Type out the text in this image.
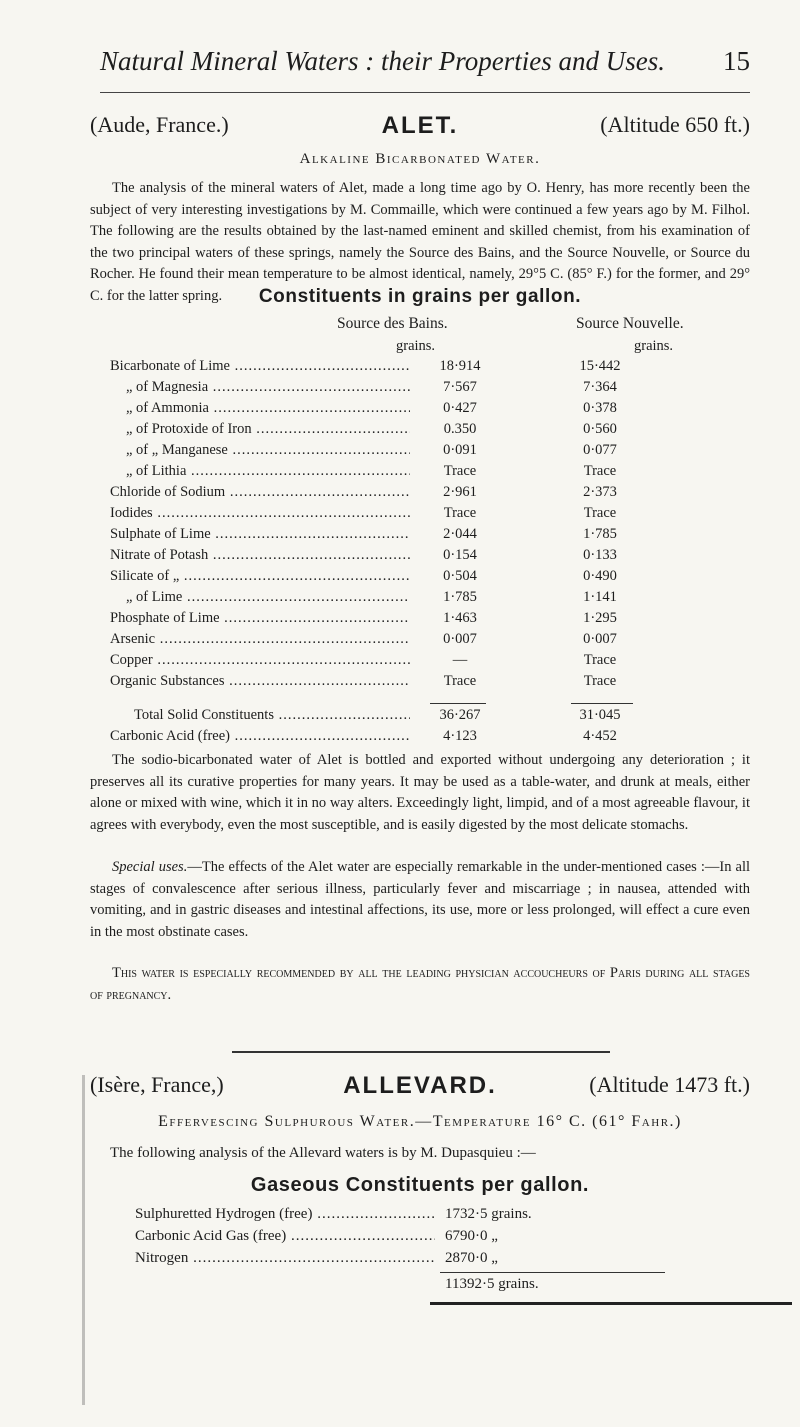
Natural Mineral Waters : their Properties and Uses. 15
(Aude, France.)	ALET.	(Altitude 650 ft.)
Alkaline Bicarbonated Water.

The analysis of the mineral waters of Alet, made a long time ago by O. Henry, has more recently been the subject of very interesting investigations by M. Commaille, which were continued a few years ago by M. Filhol. The following are the results obtained by the last-named eminent and skilled chemist, from his examination of the two principal waters of these springs, namely the Source des Bains, and the Source Nouvelle, or Source du Rocher. He found their mean temperature to be almost identical, namely, 29°5 C. (85° F.) for the former, and 29° C. for the latter spring.	Constituents in grains per gallon.
Source des Bains.	Source Nouvelle.
grains.	grains.
Bicarbonate of Lime .....	18·914	15·442
„ of Magnesia .....	7·567	7·364
„ of Ammonia .....	0·427	0·378
„ of Protoxide of Iron .....	0.350	0·560
„ of „ Manganese .....	0·091	0·077
„ of Lithia .....	Trace	Trace
Chloride of Sodium .....	2·961	2·373
Iodides .....	Trace	Trace
Sulphate of Lime .....	2·044	1·785
Nitrate of Potash .....	0·154	0·133
Silicate of „ .....	0·504	0·490
„ of Lime .....	1·785	1·141
Phosphate of Lime .....	1·463	1·295
Arsenic .....	0·007	0·007
Copper .....	—	Trace
Organic Substances .....	Trace	Trace
Total Solid Constituents .....	36·267	31·045
Carbonic Acid (free) .....	4·123	4·452

The sodio-bicarbonated water of Alet is bottled and exported without undergoing any deterioration ; it preserves all its curative properties for many years. It may be used as a table-water, and drunk at meals, either alone or mixed with wine, which it in no way alters. Exceedingly light, limpid, and of a most agreeable flavour, it agrees with everybody, even the most susceptible, and is easily digested by the most delicate stomachs.

Special uses.—The effects of the Alet water are especially remarkable in the under-mentioned cases :—In all stages of convalescence after serious illness, particularly fever and miscarriage ; in nausea, attended with vomiting, and in gastric diseases and intestinal affections, its use, more or less prolonged, will effect a cure even in the most obstinate cases.

This water is especially recommended by all the leading physician accoucheurs of Paris during all stages of pregnancy.

(Isère, France,)	ALLEVARD.	(Altitude 1473 ft.)
Effervescing Sulphurous Water.—Temperature 16° C. (61° Fahr.)

The following analysis of the Allevard waters is by M. Dupasquieu :—

Gaseous Constituents per gallon.
Sulphuretted Hydrogen (free) .....	1732·5 grains.
Carbonic Acid Gas (free) .....	6790·0 „
Nitrogen .....	2870·0 „
11392·5 grains.
